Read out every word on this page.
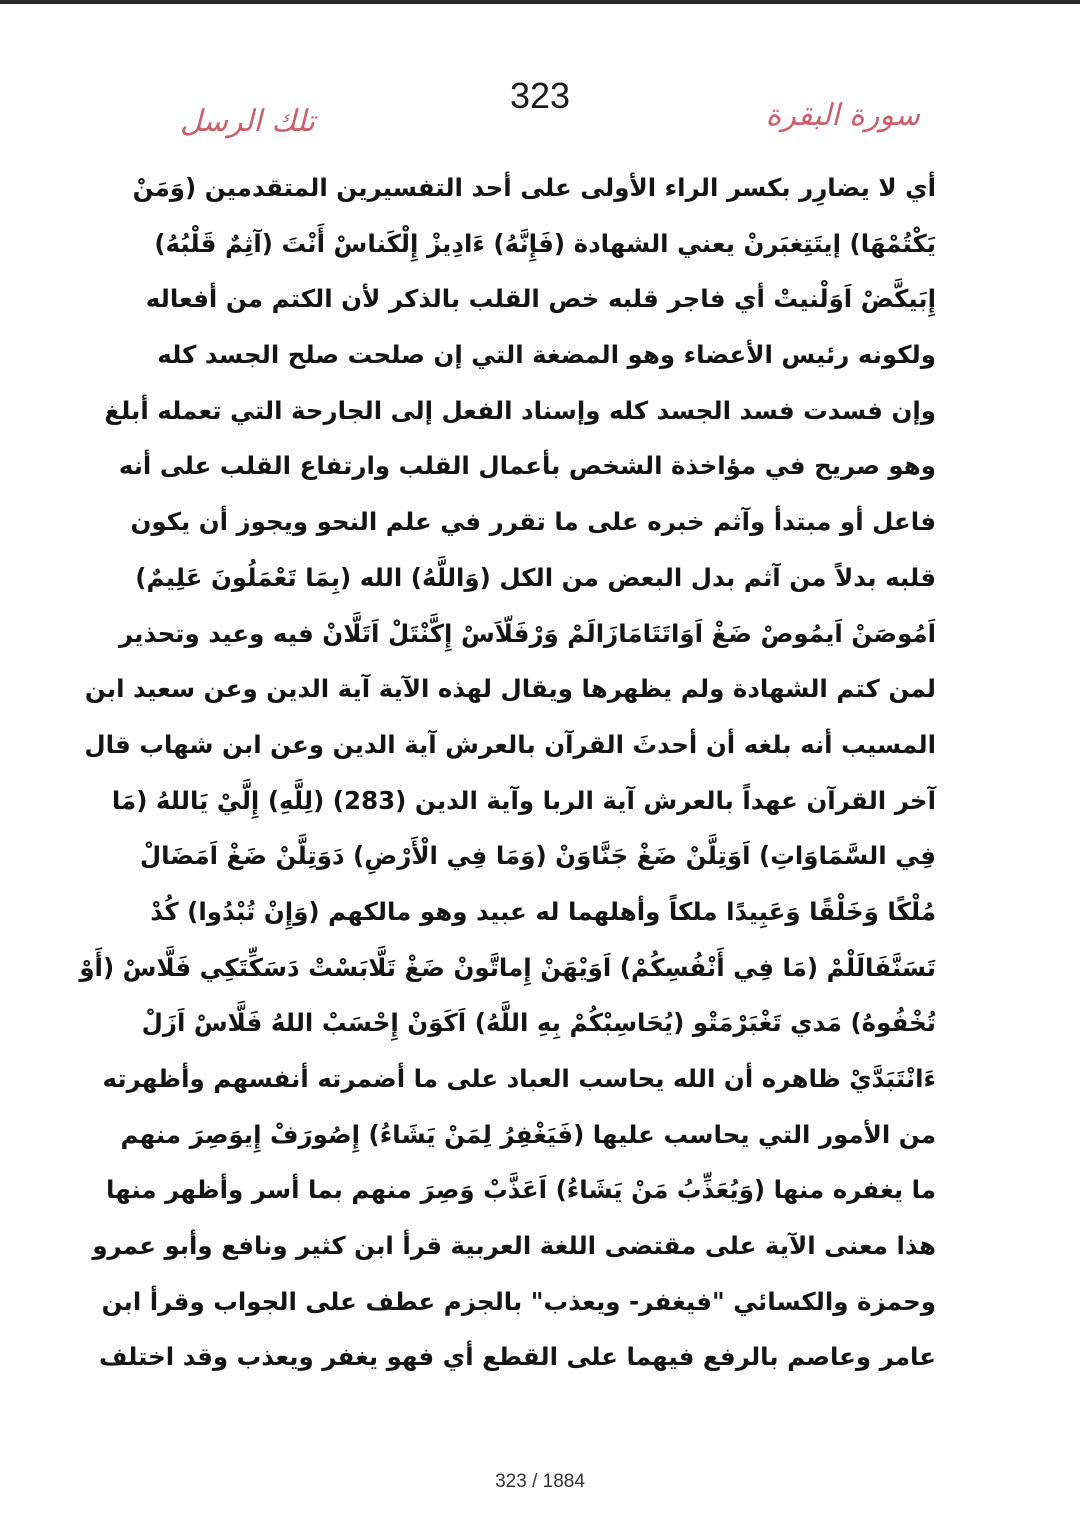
323	سورة البقرة
تلك الرسل
أي لا يضارِر بكسر الراء الأولى على أحد التفسيرين المتقدمين (وَمَنْ
يَكْتُمْهَا) إيتَتِغبَرنْ يعني الشهادة (فَإِنَّهُ) ءَادِيزْ إِلْكَناسْ أَنْتَ (آثِمٌ قَلْبُهُ)
إِبَيكَّضْ اَوَلْنيتْ أي فاجر قلبه خص القلب بالذكر لأن الكتم من أفعاله
ولكونه رئيس الأعضاء وهو المضغة التي إن صلحت صلح الجسد كله
وإن فسدت فسد الجسد كله وإسناد الفعل إلى الجارحة التي تعمله أبلغ
وهو صريح في مؤاخذة الشخص بأعمال القلب وارتفاع القلب على أنه
فاعل أو مبتدأ وآثم خبره على ما تقرر في علم النحو ويجوز أن يكون
قلبه بدلاً من آثم بدل البعض من الكل (وَاللَّهُ) الله (بِمَا تَعْمَلُونَ عَلِيمٌ)
اَمُوصَنْ اَيمُوصْ ضَغْ اَوَاتَتَامَازَالَمْ وَرْفَلّاَسْ إِكَّنْتَلْ اَتَلَّانْ فيه وعيد وتحذير
لمن كتم الشهادة ولم يظهرها ويقال لهذه الآية آية الدين وعن سعيد ابن
المسيب أنه بلغه أن أحدثَ القرآن بالعرش آية الدين وعن ابن شهاب قال
آخر القرآن عهداً بالعرش آية الربا وآية الدين (283) (لِلَّهِ) إِلَّيْ يَاللهُ (مَا
فِي السَّمَاوَاتِ) اَوَتِلَّنْ ضَغْ جَنَّاوَنْ (وَمَا فِي الْأَرْضِ) دَوَتِلَّنْ ضَغْ اَمَضَالْ
مُلْكًا وَخَلْقًا وَعَبِيدًا ملكاً وأهلهما له عبيد وهو مالكهم (وَإِنْ تُبْدُوا) كُدْ
تَسَنَّفَالَلْمْ (مَا فِي أَنْفُسِكُمْ) اَوَيْهَنْ إِماتَّونْ ضَغْ تَلَّابَسْتْ دَسَكِّتَكِي فَلَّاسْ (أَوْ
تُخْفُوهُ) مَدي تَغْبَرْمَتْو (يُحَاسِبْكُمْ بِهِ اللَّهُ) اَكَوَنْ إِحْسَبْ اللهُ فَلَّاسْ اَزَلْ
ءَانْتَبَدَّيْ ظاهره أن الله يحاسب العباد على ما أضمرته أنفسهم وأظهرته
من الأمور التي يحاسب عليها (فَيَغْفِرُ لِمَنْ يَشَاءُ) إِصُورَفْ إِيوَصِرَ منهم
ما يغفره منها (وَيُعَذِّبُ مَنْ يَشَاءُ) اَعَذَّبْ وَصِرَ منهم بما أسر وأظهر منها
هذا معنى الآية على مقتضى اللغة العربية قرأ ابن كثير ونافع وأبو عمرو
وحمزة والكسائي "فيغفر- ويعذب" بالجزم عطف على الجواب وقرأ ابن
عامر وعاصم بالرفع فيهما على القطع أي فهو يغفر ويعذب وقد اختلف
323 / 1884
